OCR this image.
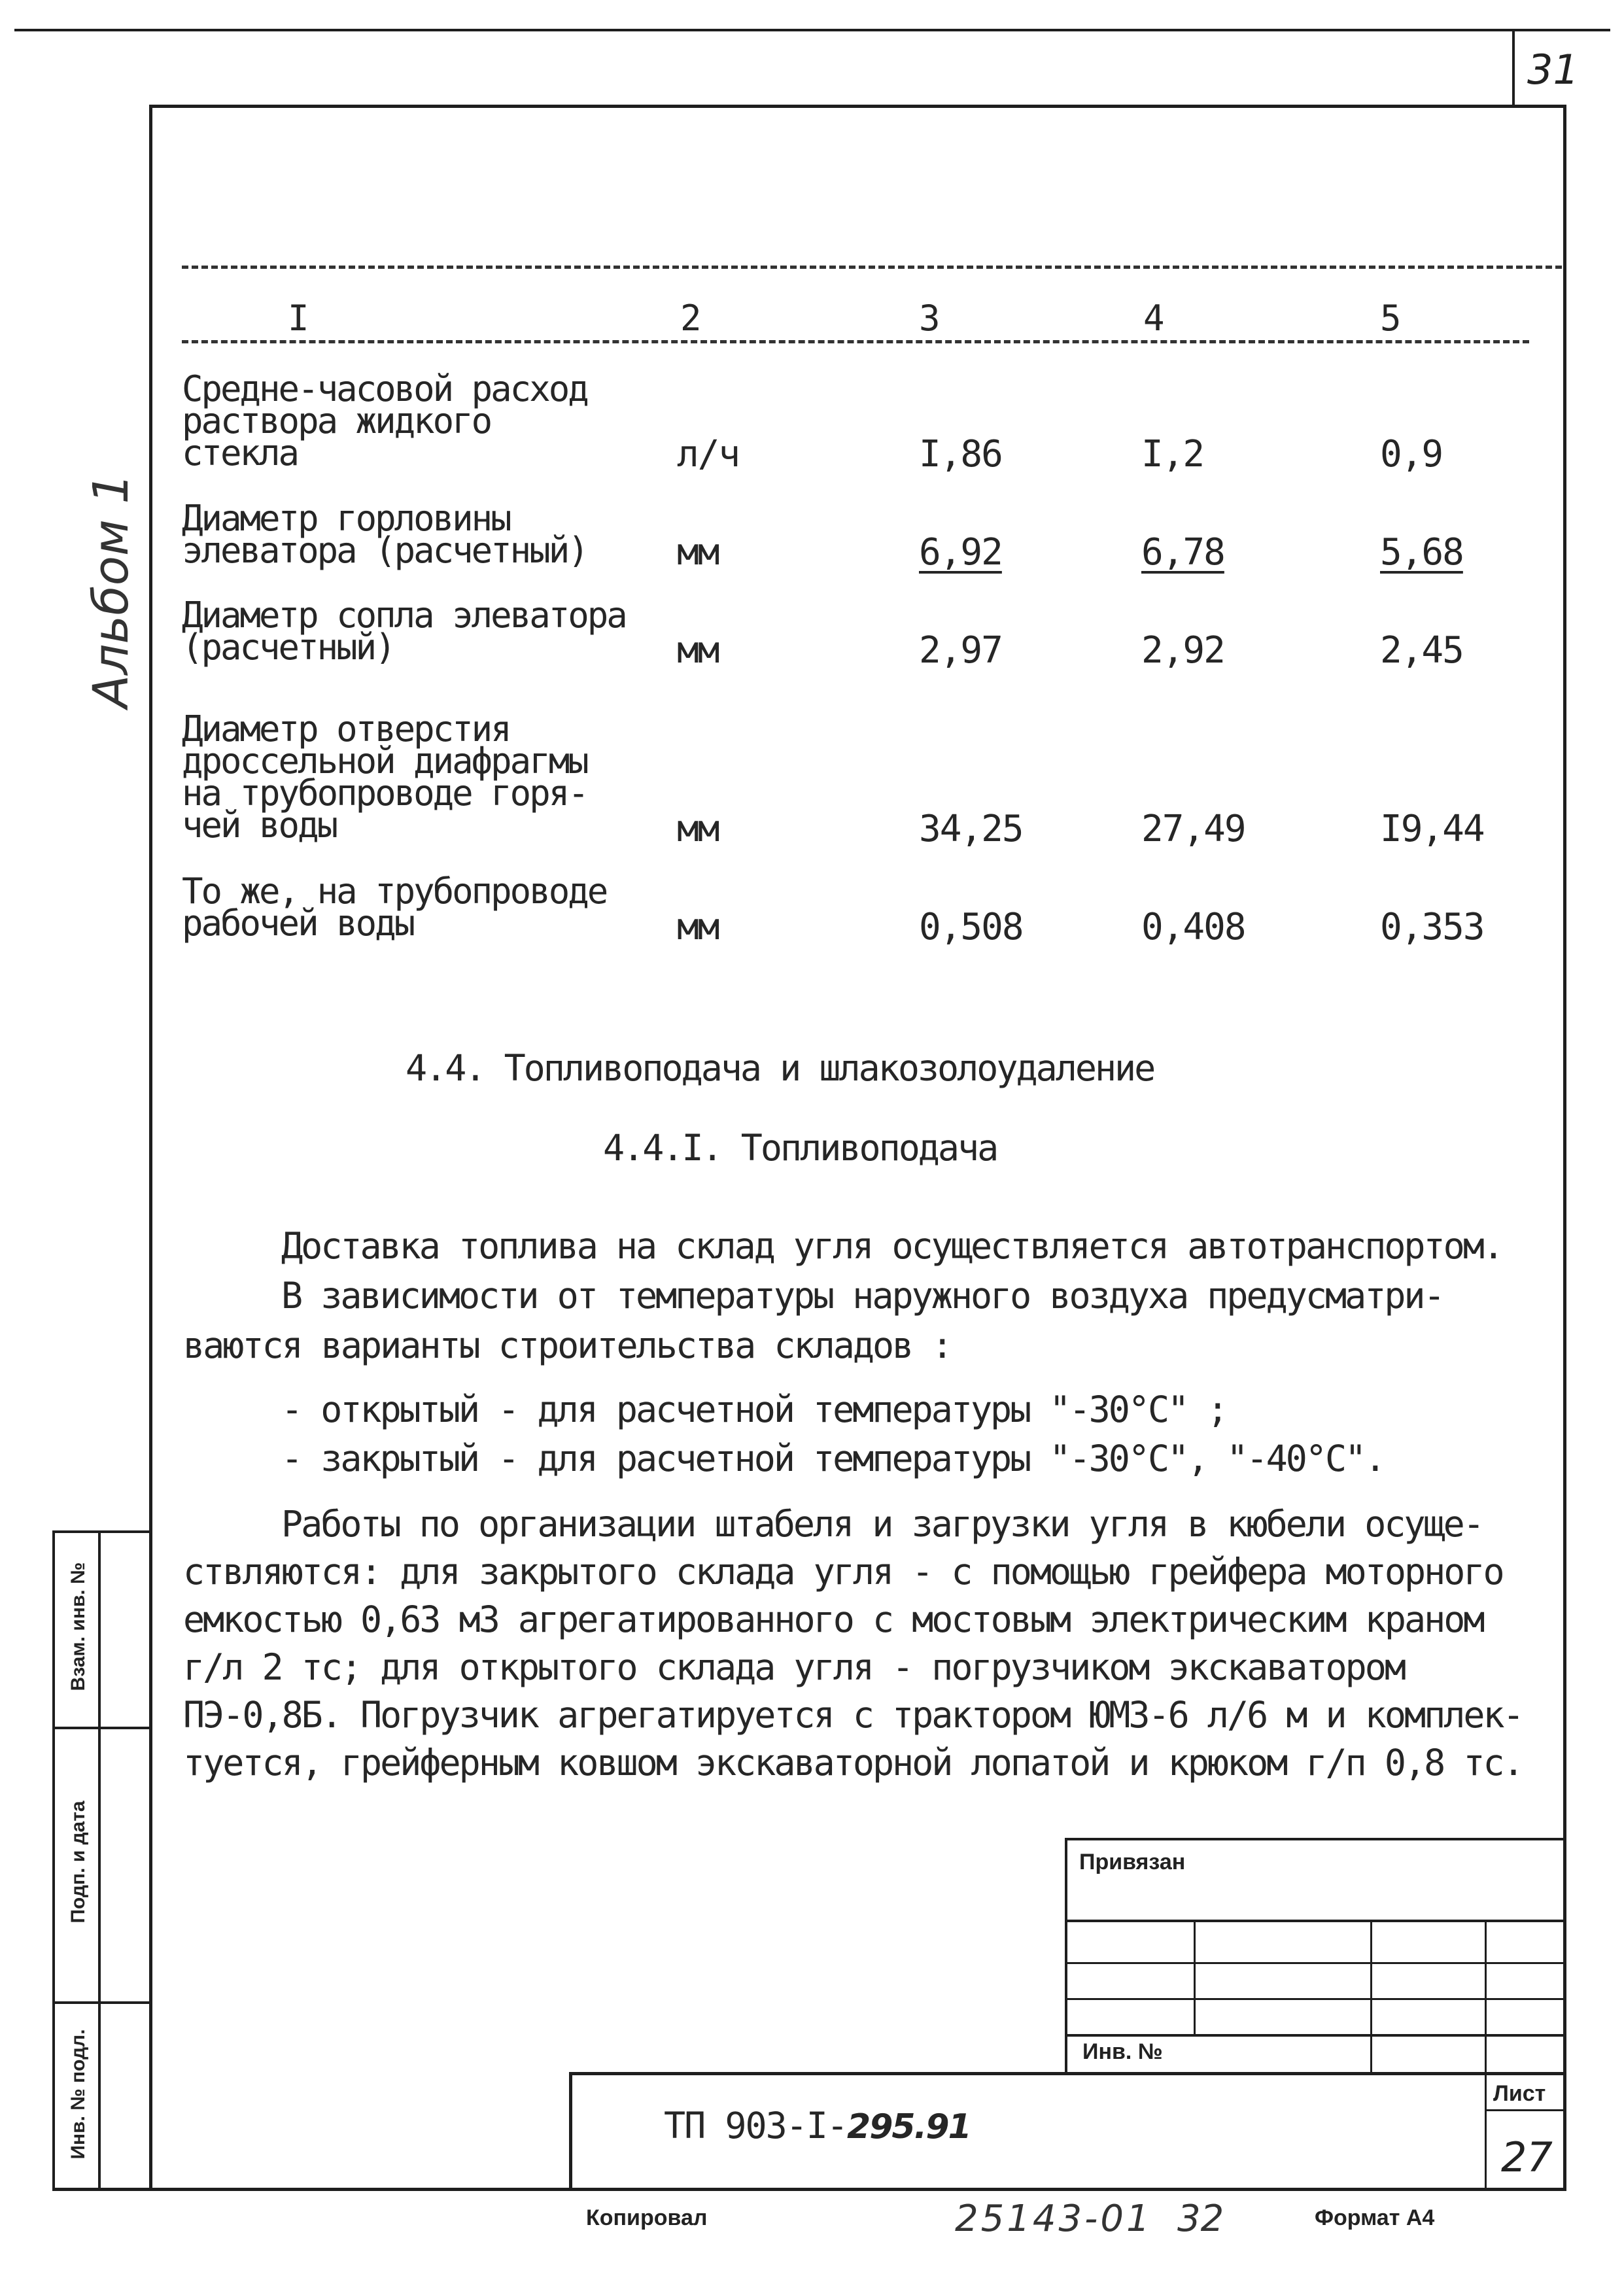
31
Альбом 1
Взам. инв. №
Подп. и дата
Инв. № подл.
I	2	3	4	5
Средне-часовой расход
раствора жидкого
стекла	л/ч	I,86	I,2	0,9
Диаметр горловины
элеватора (расчетный)	мм	6,92	6,78	5,68
Диаметр сопла элеватора
(расчетный)	мм	2,97	2,92	2,45
Диаметр отверстия
дроссельной диафрагмы
на трубопроводе горя-
чей воды	мм	34,25	27,49	I9,44
То же, на трубопроводе
рабочей воды	мм	0,508	0,408	0,353
4.4. Топливоподача и шлакозолоудаление
4.4.I. Топливоподача
Доставка топлива на склад угля осуществляется автотранспортом.
В зависимости от температуры наружного воздуха предусматри-
ваются варианты строительства складов :
- открытый - для расчетной температуры "-30°С" ;
- закрытый - для расчетной температуры "-30°С", "-40°С".
Работы по организации штабеля и загрузки угля в кюбели осуще-
ствляются: для закрытого склада угля - с помощью грейфера моторного
емкостью 0,63 м3 агрегатированного с мостовым электрическим краном
г/л 2 тс; для открытого склада угля - погрузчиком экскаватором
ПЭ-0,8Б. Погрузчик агрегатируется с трактором ЮМЗ-6 л/6 м и комплек-
туется, грейферным ковшом экскаваторной лопатой и крюком г/п 0,8 тс.
Привязан
Инв. №
ТП 903-I-295.91
Лист
27
Копировал	25143-01 32	Формат А4
